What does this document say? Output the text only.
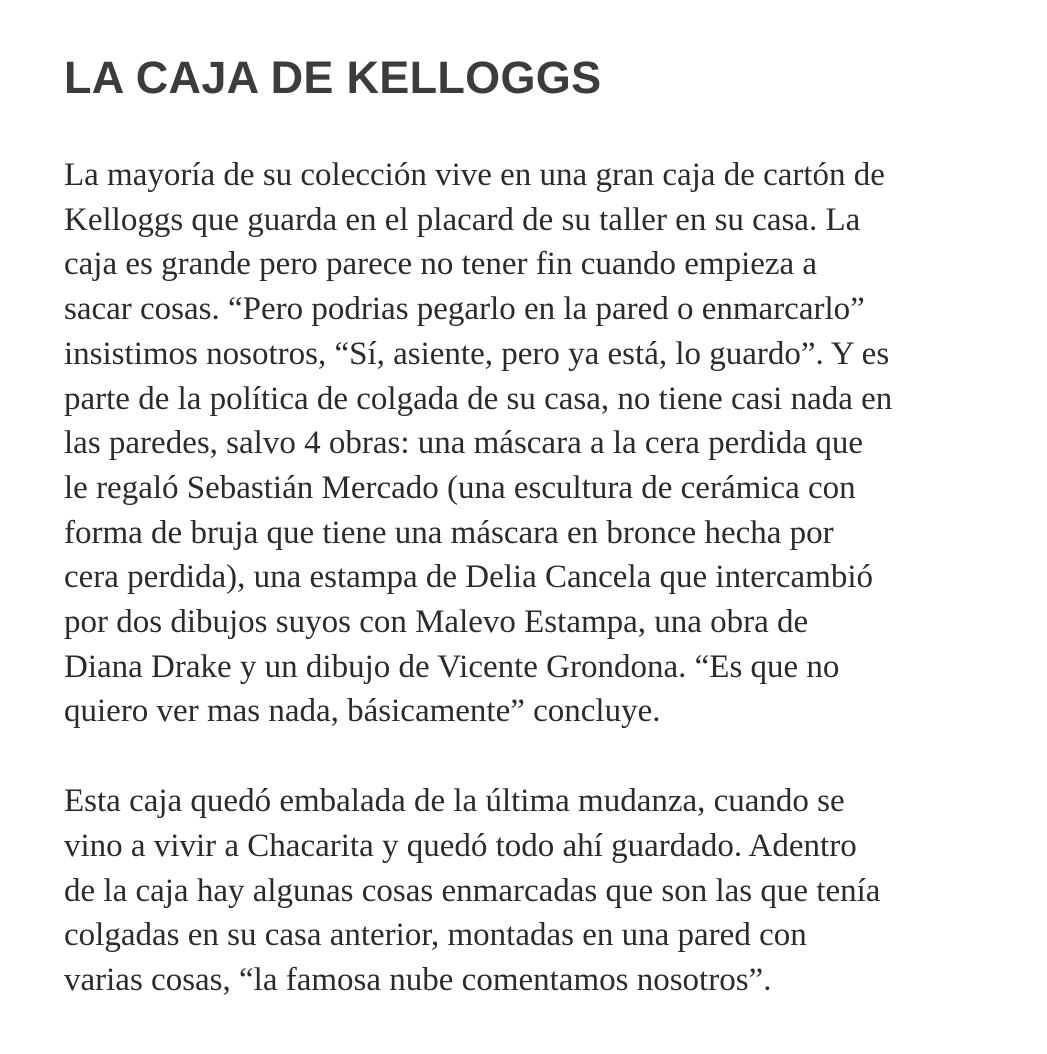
LA CAJA DE KELLOGGS

La mayoría de su colección vive en una gran caja de cartón de
Kelloggs que guarda en el placard de su taller en su casa. La
caja es grande pero parece no tener fin cuando empieza a
sacar cosas. “Pero podrias pegarlo en la pared o enmarcarlo”
insistimos nosotros, “Sí, asiente, pero ya está, lo guardo”. Y es
parte de la política de colgada de su casa, no tiene casi nada en
las paredes, salvo 4 obras: una máscara a la cera perdida que
le regaló Sebastián Mercado (una escultura de cerámica con
forma de bruja que tiene una máscara en bronce hecha por
cera perdida), una estampa de Delia Cancela que intercambió
por dos dibujos suyos con Malevo Estampa, una obra de
Diana Drake y un dibujo de Vicente Grondona. “Es que no
quiero ver mas nada, básicamente” concluye.

Esta caja quedó embalada de la última mudanza, cuando se
vino a vivir a Chacarita y quedó todo ahí guardado. Adentro
de la caja hay algunas cosas enmarcadas que son las que tenía
colgadas en su casa anterior, montadas en una pared con
varias cosas, “la famosa nube comentamos nosotros”.
